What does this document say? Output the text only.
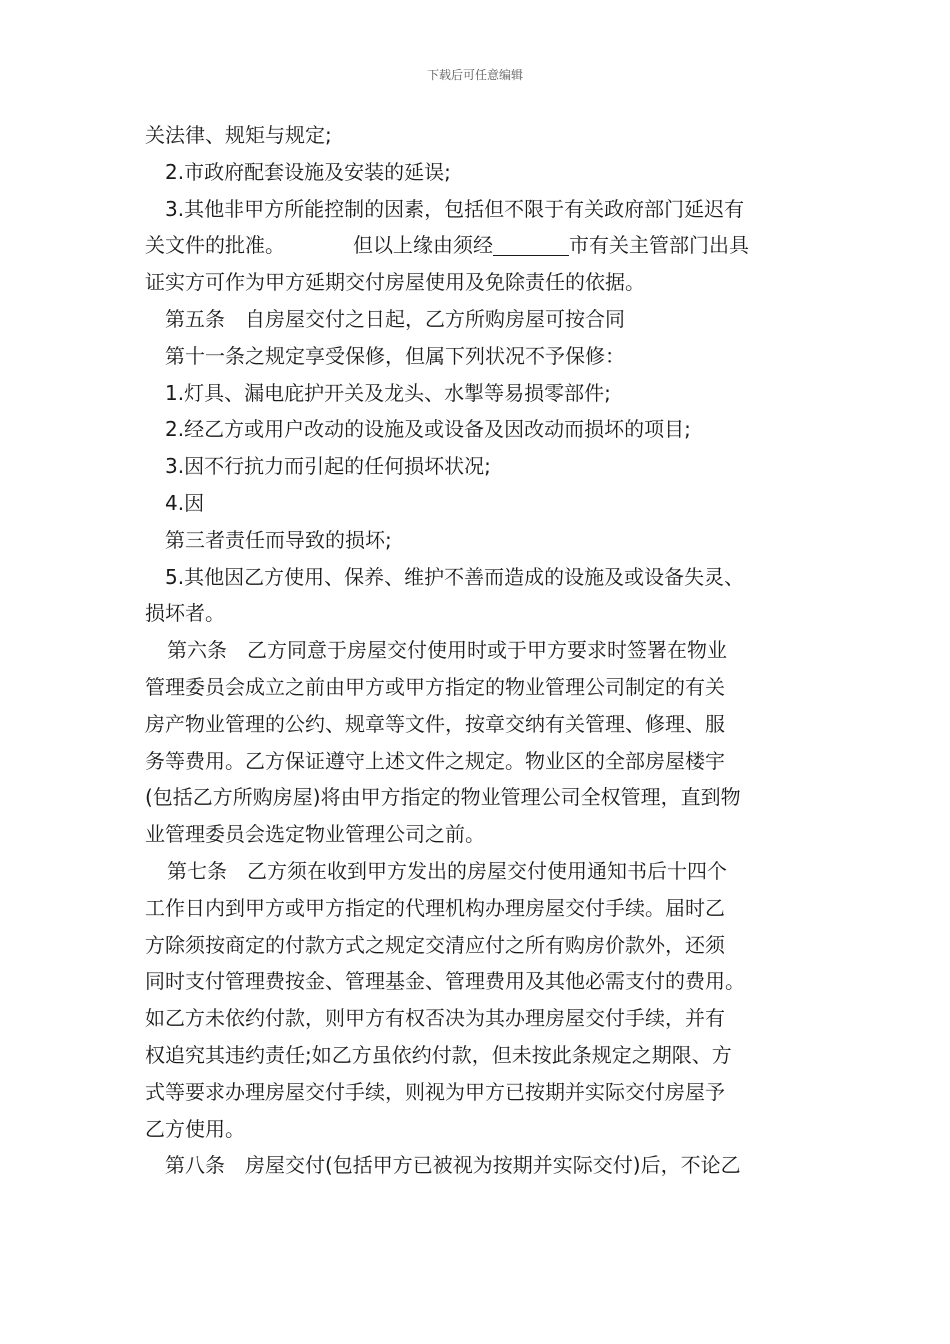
下载后可任意编辑
关法律、规矩与规定;
2.市政府配套设施及安装的延误;
3.其他非甲方所能控制的因素，包括但不限于有关政府部门延迟有
关文件的批准。	但以上缘由须经	市有关主管部门出具
证实方可作为甲方延期交付房屋使用及免除责任的依据。
第五条　自房屋交付之日起，乙方所购房屋可按合同
第十一条之规定享受保修，但属下列状况不予保修：
1.灯具、漏电庇护开关及龙头、水掣等易损零部件;
2.经乙方或用户改动的设施及或设备及因改动而损坏的项目;
3.因不行抗力而引起的任何损坏状况;
4.因
第三者责任而导致的损坏;
5.其他因乙方使用、保养、维护不善而造成的设施及或设备失灵、
损坏者。
第六条　乙方同意于房屋交付使用时或于甲方要求时签署在物业
管理委员会成立之前由甲方或甲方指定的物业管理公司制定的有关
房产物业管理的公约、规章等文件，按章交纳有关管理、修理、服
务等费用。乙方保证遵守上述文件之规定。物业区的全部房屋楼宇
(包括乙方所购房屋)将由甲方指定的物业管理公司全权管理，直到物
业管理委员会选定物业管理公司之前。
第七条　乙方须在收到甲方发出的房屋交付使用通知书后十四个
工作日内到甲方或甲方指定的代理机构办理房屋交付手续。届时乙
方除须按商定的付款方式之规定交清应付之所有购房价款外，还须
同时支付管理费按金、管理基金、管理费用及其他必需支付的费用。
如乙方未依约付款，则甲方有权否决为其办理房屋交付手续，并有
权追究其违约责任;如乙方虽依约付款，但未按此条规定之期限、方
式等要求办理房屋交付手续，则视为甲方已按期并实际交付房屋予
乙方使用。
第八条　房屋交付(包括甲方已被视为按期并实际交付)后，不论乙
